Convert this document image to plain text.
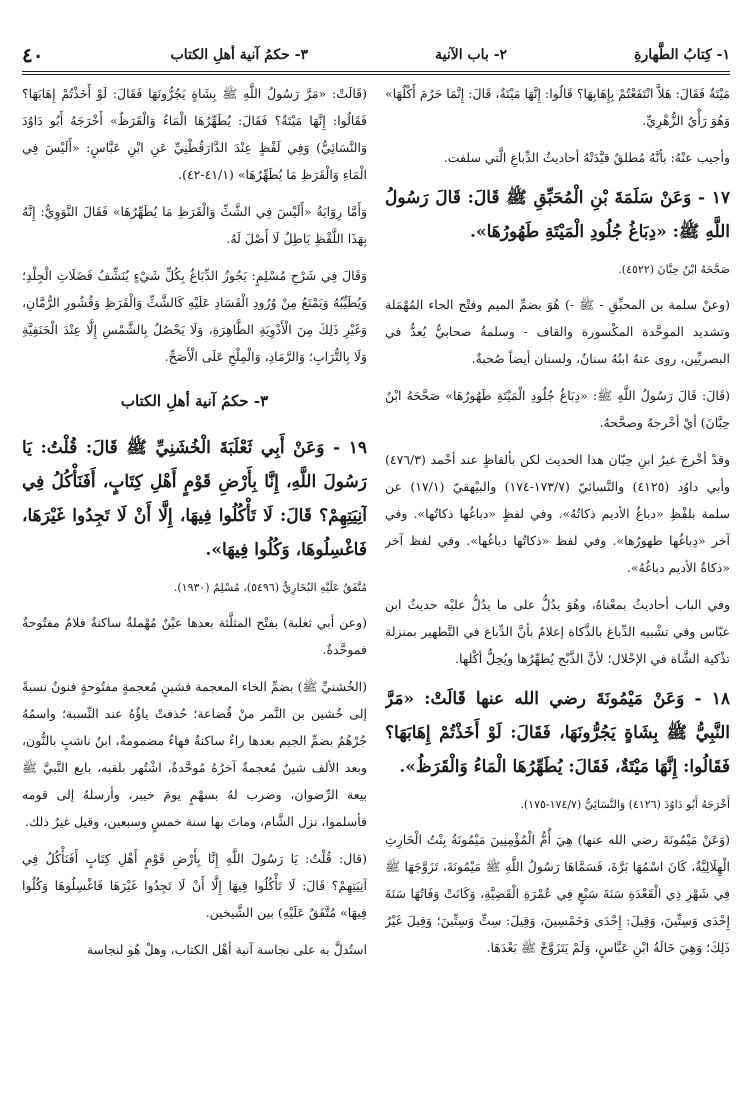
١- كِتابُ الطَّهارةِ
٢- باب الآنية
٣- حكمُ آنية أهلِ الكتاب
٤٠

مَيْتَةٌ فَقَالَ: هَلاَّ انْتَفَعْتُمْ بِإِهَابِهَا؟ قَالُوا: إِنَّهَا مَيْتَةٌ، قَالَ: إِنَّمَا حَرُمَ أَكْلُهَا» وَهُوَ رَأْيُ الزُّهْرِيِّ.

وأجيب عنْهُ: بأنَّهُ مُطلقٌ قيَّدَتْهُ أحاديثُ الدِّباغِ الَّتي سلفت.

١٧ - وَعَنْ سَلَمَةَ بْنِ الْمُحَبِّقِ ﷺ قَالَ: قَالَ رَسُولُ اللَّهِ ﷺ: «دِبَاغُ جُلُودِ الْمَيْتَةِ طَهُورُهَا».

صَحَّحَهُ ابْنُ حِبَّانَ (٤٥٢٢).

(وعنْ سلمة بن المحبِّقِ - ﷺ -) هُوَ بضمِّ الميم وفتْح الحاء المُهْمَلة وتشديد الموحَّدة المكْسورة والقاف - وسلمةُ صحابيٌّ يُعدُّ في البصريِّين، روى عنهُ ابنُهُ سنانٌ، ولسنان أيضاً صُحبةٌ.

(قَالَ: قَالَ رَسُولُ اللَّهِ ﷺ: «دِبَاغُ جُلُودِ الْمَيْتَةِ طَهُورُهَا» صَحَّحَهُ ابْنُ حِبَّانَ) أيْ أخْرجهُ وصحَّحهُ.

وقدْ أخْرجَ غيرُ ابنِ حِبّان هذا الحديث لكن بألفاظٍ عند أحْمد (٤٧٦/٣) وأبي داوُد (٤١٢٥) والنَّسائيّ (١٧٣/٧-١٧٤) والبيْهقيّ (١٧/١) عن سلمة بلفْظِ «دباغُ الأديم ذكاتُهُ». وفي لفظٍ «دباغُها ذكاتُها». وفي آخر «دِباغُها طهورُها». وفي لفظ «ذكاتُها دباغُها». وفي لفظ آخر «ذكاةُ الأديم دباغُهُ».

وفي الباب أحاديثُ بمعْناهُ، وهُوَ يدُلُّ على ما يدُلُّ عليْه حديثُ ابن عبّاس وفي تشْبيه الدِّباغ بالذَّكاة إعلامٌ بأنَّ الدِّباغ في التَّطهير بمنزلة تذْكية الشَّاة في الإحْلال؛ لأنَّ الذَّبْح يُطهِّرُها ويُحِلُّ أكْلها.

١٨ - وَعَنْ مَيْمُونَةَ رضي الله عنها قَالَتْ: «مَرَّ النَّبِيُّ ﷺ بِشَاةٍ يَجُرُّونَهَا، فَقَالَ: لَوْ أَخَذْتُمْ إِهَابَهَا؟ فَقَالُوا: إِنَّهَا مَيْتَةٌ، فَقَالَ: يُطَهِّرُهَا الْمَاءُ وَالْقَرَظُ».

أَخْرَجَهُ أَبُو دَاوُدَ (٤١٢٦) وَالنَّسَائِيُّ (١٧٤/٧-١٧٥).

(وَعَنْ مَيْمُونَةَ رضي الله عنها) هِيَ أُمُّ الْمُؤْمِنِينَ مَيْمُونَةُ بِنْتُ الْحَارِثِ الْهِلَالِيَّةُ، كَانَ اسْمُهَا بَرَّةَ، فَسَمَّاهَا رَسُولُ اللَّهِ ﷺ مَيْمُونَةَ، تَزَوَّجَهَا ﷺ فِي شَهْرِ ذِي الْقَعْدَةِ سَنَةَ سَبْعٍ فِي عُمْرَةِ الْقَضِيَّةِ، وَكَانَتْ وَفَاتُهَا سَنَةَ إِحْدَى وَسِتِّينَ، وَقِيلَ: إِحْدَى وَخَمْسِينَ، وَقِيلَ: سِتٍّ وَسِتِّينَ؛ وَقِيلَ غَيْرُ ذَلِكَ؛ وَهِيَ خَالَةُ ابْنِ عَبَّاسٍ، وَلَمْ يَتَزَوَّجْ ﷺ بَعْدَهَا.

(قَالَتْ: «مَرَّ رَسُولُ اللَّهِ ﷺ بِشَاةٍ يَجُرُّونَهَا فَقَالَ: لَوْ أَخَذْتُمْ إِهَابَهَا؟ فَقَالُوا: إِنَّهَا مَيْتَةٌ؟ فَقَالَ: يُطَهِّرُهَا الْمَاءُ وَالْقَرَظُ» أَخْرَجَهُ أَبُو دَاوُدَ وَالنَّسَائِيُّ) وَفِي لَفْظٍ عِنْدَ الدَّارَقُطْنِيِّ عَنِ ابْنِ عَبَّاسٍ: «أَلَيْسَ فِي الْمَاءِ وَالْقَرَظِ مَا يُطَهِّرُهَا» (٤١/١-٤٢).

وَأَمَّا رِوَايَةُ «أَلَيْسَ فِي الشَّثِّ وَالْقَرَظِ مَا يُطَهِّرُهَا» فَقَالَ النَّوَوِيُّ: إِنَّهُ بِهَذَا اللَّفْظِ بَاطِلٌ لَا أَصْلَ لَهُ.

وَقَالَ فِي شَرْحِ مُسْلِمٍ: يَجُوزُ الدِّبَاغُ بِكُلِّ شَيْءٍ يُنَشِّفُ فَضَلَاتِ الْجِلْدِ؛ وَيُطَيِّبُهُ وَيَمْنَعُ مِنْ وُرُودِ الْفَسَادِ عَلَيْهِ كَالشَّثِّ وَالْقَرَظِ وَقُشُورِ الرُّمَّانِ، وَغَيْرِ ذَلِكَ مِنَ الْأَدْوِيَةِ الطَّاهِرَةِ، وَلَا يَحْصُلُ بِالشَّمْسِ إِلَّا عِنْدَ الْحَنَفِيَّةِ وَلَا بِالتُّرَابِ؛ وَالرَّمَادِ، وَالْمِلْحِ عَلَى الْأَصَحِّ.

٣- حكمُ آنية أهلِ الكتاب

١٩ - وَعَنْ أَبِي ثَعْلَبَةَ الْخُشَنِيِّ ﷺ قَالَ: قُلْتُ: يَا رَسُولَ اللَّهِ، إِنَّا بِأَرْضِ قَوْمٍ أَهْلِ كِتَابٍ، أَفَنَأْكُلُ فِي آنِيَتِهِمْ؟ قَالَ: لَا تَأْكُلُوا فِيهَا، إِلَّا أَنْ لَا تَجِدُوا غَيْرَهَا، فَاغْسِلُوهَا، وَكُلُوا فِيهَا».

مُتَّفَقٌ عَلَيْهِ البُخَارِيُّ (٥٤٩٦)، مُسْلِمٌ (١٩٣٠).

(وعن أبي ثعلبة) بفتْح المثلَّثة بعدها عيْنٌ مُهْملةٌ ساكنةٌ فلامٌ مفتُوحةٌ فموحَّدةٌ.

(الخُشنيِّ ﷺ) بضمِّ الخاء المعجمة فشينٍ مُعجمةٍ مفتُوحةٍ فنونٌ نسبةً إلى خُشين بن النَّمر منْ قُضاعة؛ حُذفتْ ياؤُهُ عند النِّسبة؛ واسمُهُ جُرْهُمٌ بضمِّ الجيم بعدها راءٌ ساكنةٌ فهاءٌ مضمومةٌ، ابنُ ناشبٍ بالنُّون، وبعد الألف شينٌ مُعجمةٌ آخرُهُ مُوحَّدةٌ، اشْتُهر بلقبه، بايع النَّبيَّ ﷺ بيعة الرِّضوان، وضرب لهُ بسهْمٍ يومَ خيبر، وأرسلهُ إلى قومه فأسلموا، نزل الشَّام، وماتَ بها سنة خمسٍ وسبعين، وقيل غيرُ ذلك.

(قال: قُلْتُ: يَا رَسُولَ اللَّهِ إِنَّا بِأَرْضِ قَوْمٍ أَهْلِ كِتَابٍ أَفَنَأْكُلُ فِي آنِيَتِهِمْ؟ قَالَ: لَا تَأْكُلُوا فِيهَا إِلَّا أَنْ لَا تَجِدُوا غَيْرَهَا فَاغْسِلُوهَا وَكُلُوا فِيهَا» مُتَّفَقٌ عَلَيْهِ) بين الشَّيخين.

استُدلَّ به على نجاسة آنية أهْل الكتاب، وهلْ هُو لنجاسة
